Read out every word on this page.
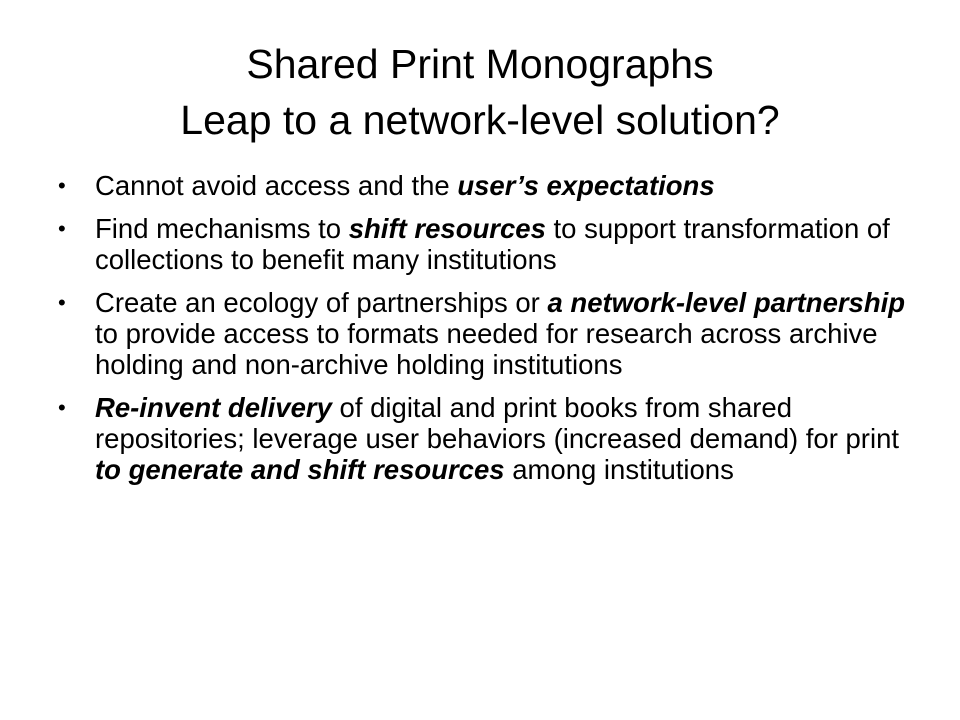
Shared Print Monographs
Leap to a network-level solution?
•	Cannot avoid access and the user’s expectations
•	Find mechanisms to shift resources to support transformation of collections to benefit many institutions
•	Create an ecology of partnerships or a network-level partnership to provide access to formats needed for research across archive holding and non-archive holding institutions
•	Re-invent delivery of digital and print books from shared repositories; leverage user behaviors (increased demand) for print to generate and shift resources among institutions
